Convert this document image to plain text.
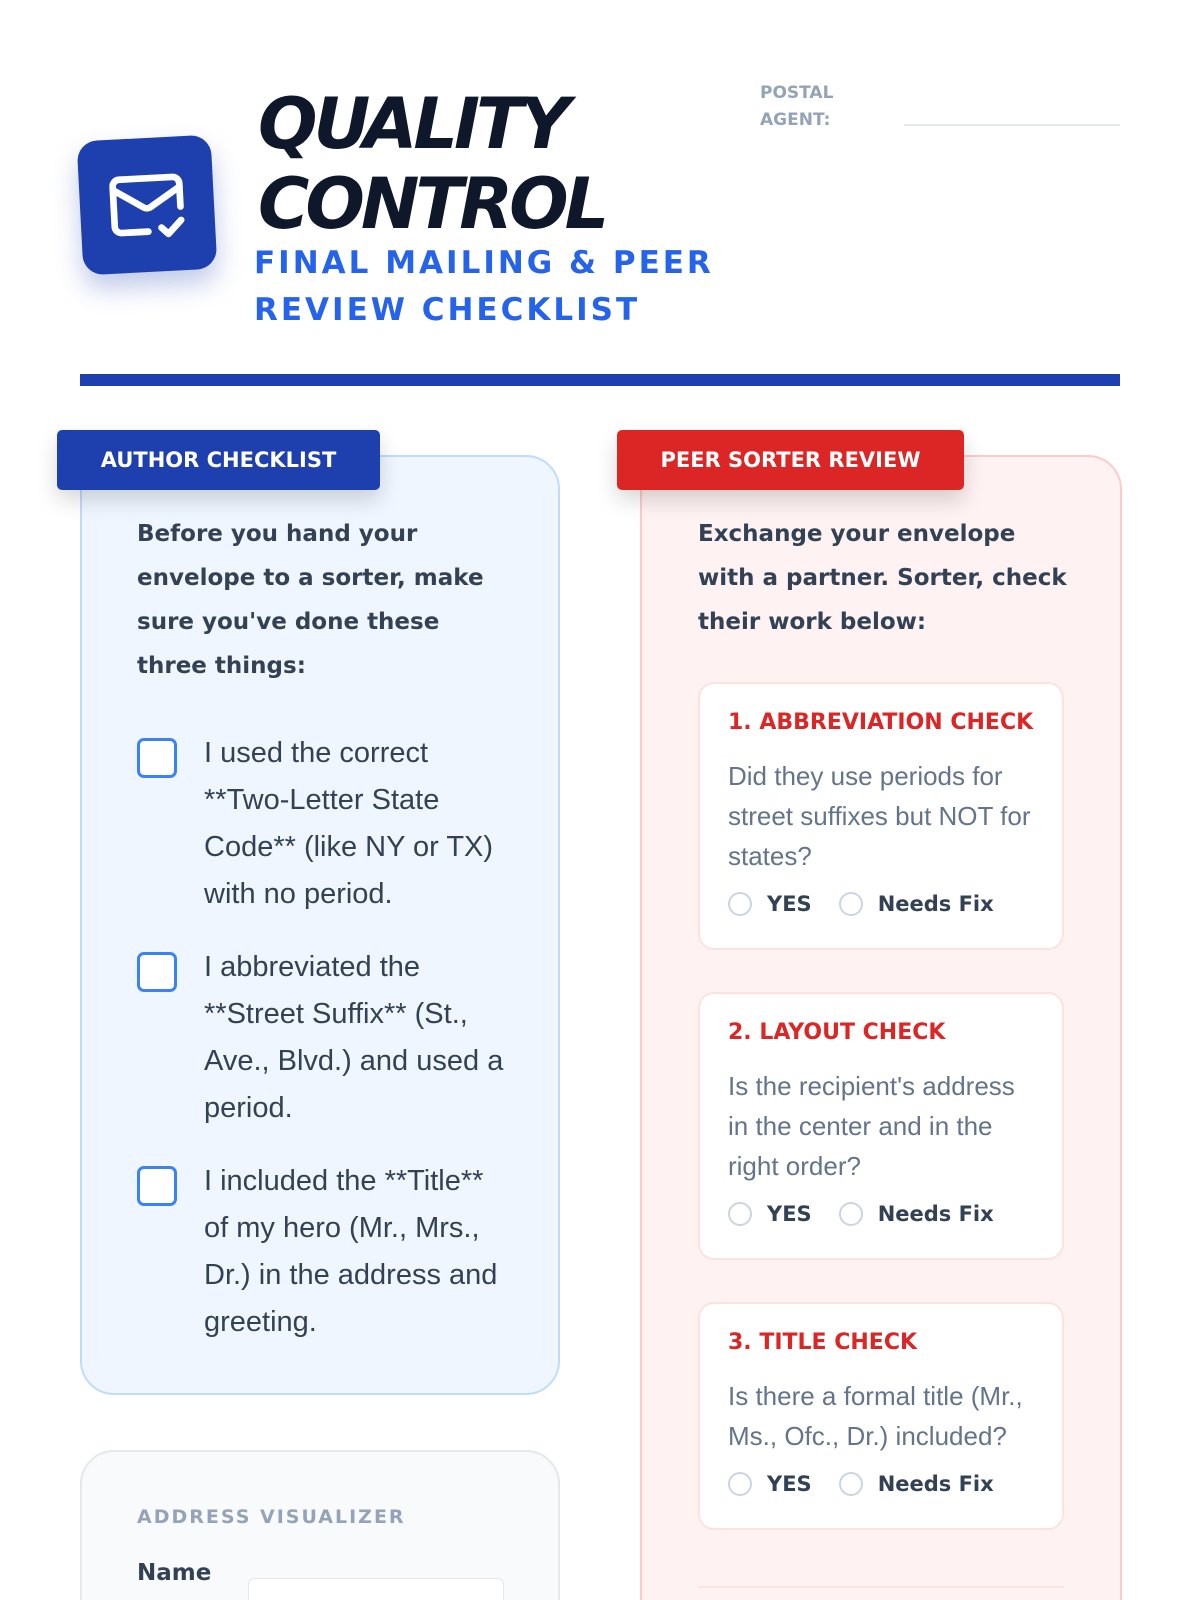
QUALITY
CONTROL
FINAL MAILING & PEER
REVIEW CHECKLIST
POSTAL
AGENT:
AUTHOR CHECKLIST
Before you hand your envelope to a sorter, make sure you've done these three things:
I used the correct **Two-Letter State Code** (like NY or TX) with no period.
I abbreviated the **Street Suffix** (St., Ave., Blvd.) and used a period.
I included the **Title** of my hero (Mr., Mrs., Dr.) in the address and greeting.
ADDRESS VISUALIZER
Name
PEER SORTER REVIEW
Exchange your envelope with a partner. Sorter, check their work below:
1. ABBREVIATION CHECK
Did they use periods for street suffixes but NOT for states?
YES	Needs Fix
2. LAYOUT CHECK
Is the recipient's address in the center and in the right order?
YES	Needs Fix
3. TITLE CHECK
Is there a formal title (Mr., Ms., Ofc., Dr.) included?
YES	Needs Fix
